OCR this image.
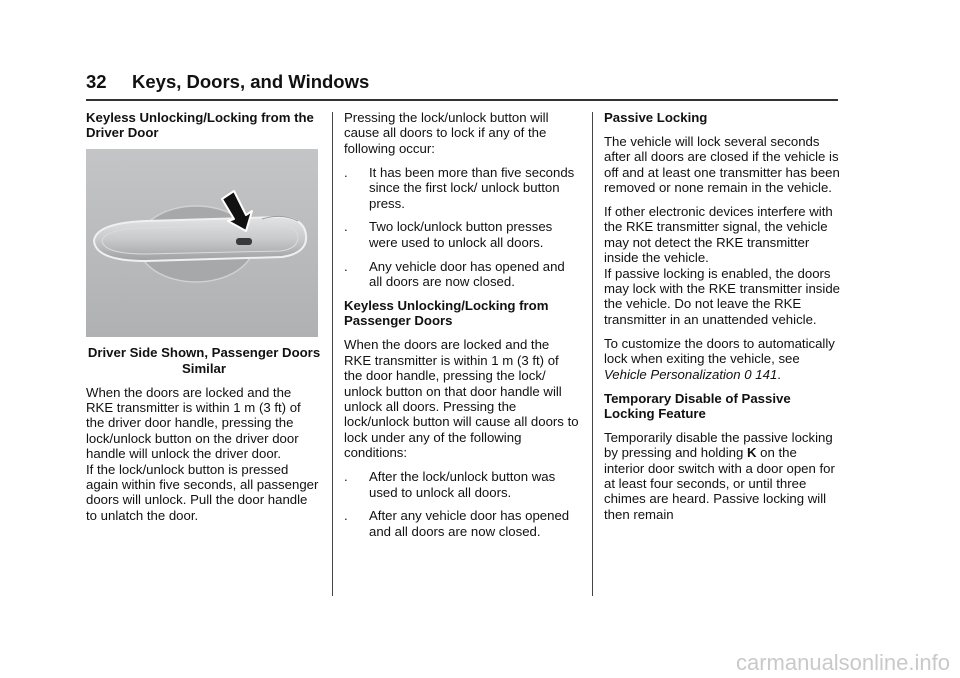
32 Keys, Doors, and Windows

Keyless Unlocking/Locking from the Driver Door

Driver Side Shown, Passenger Doors Similar

When the doors are locked and the RKE transmitter is within 1 m (3 ft) of the driver door handle, pressing the lock/unlock button on the driver door handle will unlock the driver door.

If the lock/unlock button is pressed again within five seconds, all passenger doors will unlock. Pull the door handle to unlatch the door.

Pressing the lock/unlock button will cause all doors to lock if any of the following occur:

. It has been more than five seconds since the first lock/ unlock button press.
. Two lock/unlock button presses were used to unlock all doors.
. Any vehicle door has opened and all doors are now closed.

Keyless Unlocking/Locking from Passenger Doors

When the doors are locked and the RKE transmitter is within 1 m (3 ft) of the door handle, pressing the lock/ unlock button on that door handle will unlock all doors. Pressing the lock/unlock button will cause all doors to lock under any of the following conditions:

. After the lock/unlock button was used to unlock all doors.
. After any vehicle door has opened and all doors are now closed.

Passive Locking

The vehicle will lock several seconds after all doors are closed if the vehicle is off and at least one transmitter has been removed or none remain in the vehicle.

If other electronic devices interfere with the RKE transmitter signal, the vehicle may not detect the RKE transmitter inside the vehicle.

If passive locking is enabled, the doors may lock with the RKE transmitter inside the vehicle. Do not leave the RKE transmitter in an unattended vehicle.

To customize the doors to automatically lock when exiting the vehicle, see Vehicle Personalization 0 141.

Temporary Disable of Passive Locking Feature

Temporarily disable the passive locking by pressing and holding K on the interior door switch with a door open for at least four seconds, or until three chimes are heard. Passive locking will then remain

carmanualsonline.info
